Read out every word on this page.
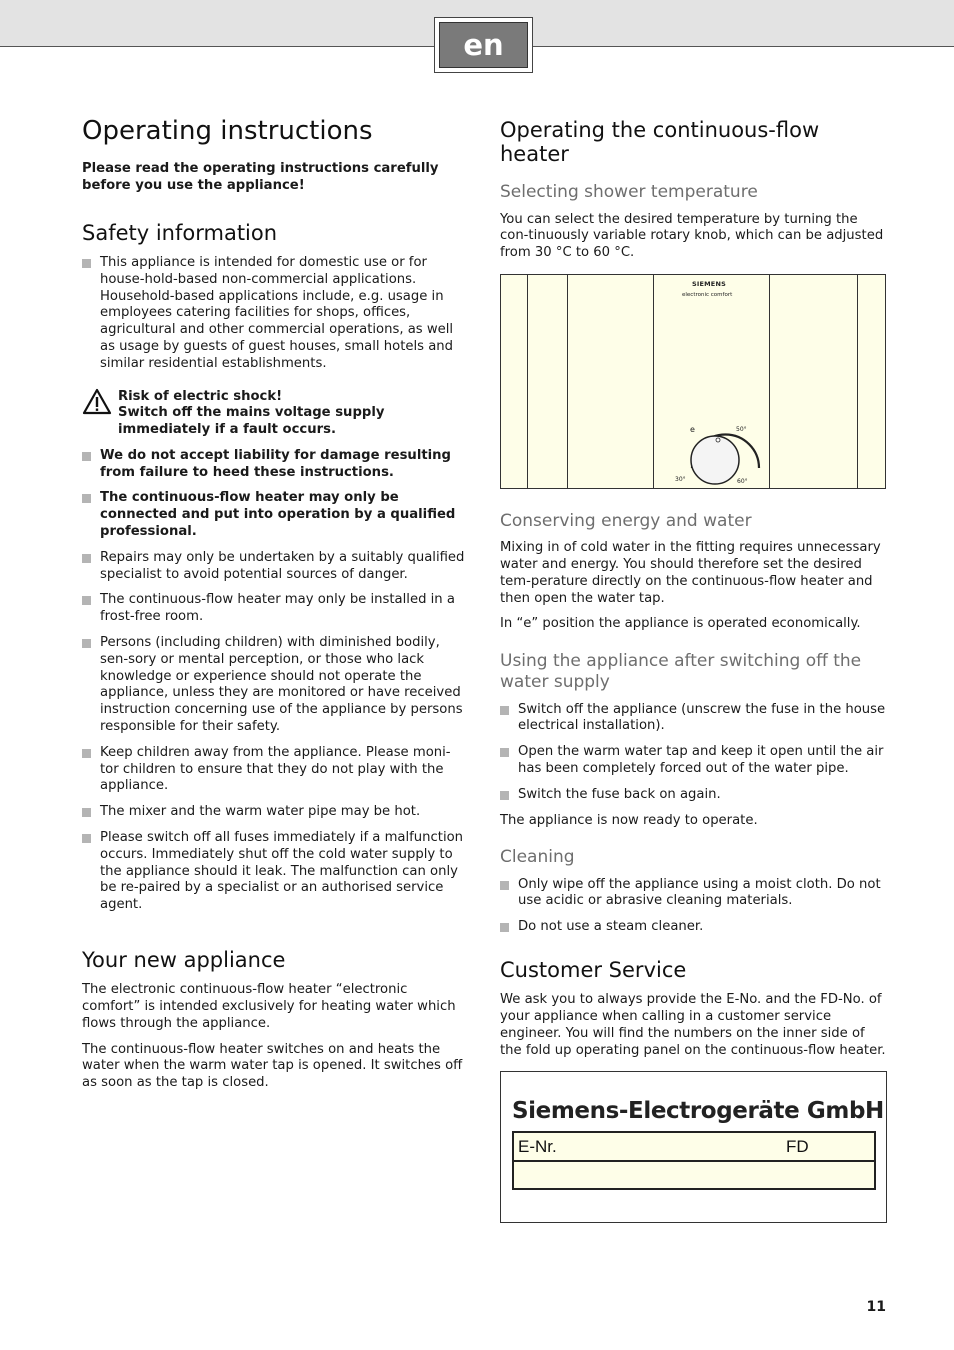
en
Operating instructions

Please read the operating instructions carefully before you use the appliance!

Safety information
This appliance is intended for domestic use or for house-hold-based non-commercial applications. Household-based applications include, e.g. usage in employees catering facilities for shops, offices, agricultural and other commercial operations, as well as usage by guests of guest houses, small hotels and similar residential establishments.
Risk of electric shock!
Switch off the mains voltage supply immediately if a fault occurs.
We do not accept liability for damage resulting from failure to heed these instructions.
The continuous-flow heater may only be connected and put into operation by a qualified professional.
Repairs may only be undertaken by a suitably qualified specialist to avoid potential sources of danger.
The continuous-flow heater may only be installed in a frost-free room.
Persons (including children) with diminished bodily, sen-sory or mental perception, or those who lack knowledge or experience should not operate the appliance, unless they are monitored or have received instruction concerning use of the appliance by persons responsible for their safety.
Keep children away from the appliance. Please moni-tor children to ensure that they do not play with the appliance.
The mixer and the warm water pipe may be hot.
Please switch off all fuses immediately if a malfunction occurs. Immediately shut off the cold water supply to the appliance should it leak. The malfunction can only be re-paired by a specialist or an authorised service agent.
Your new appliance

The electronic continuous-flow heater “electronic comfort” is intended exclusively for heating water which flows through the appliance.

The continuous-flow heater switches on and heats the water when the warm water tap is opened. It switches off as soon as the tap is closed.

Operating the continuous-flow heater
Selecting shower temperature

You can select the desired temperature by turning the con-tinuously variable rotary knob, which can be adjusted from 30 °C to 60 °C.

SIEMENS
electronic comfort
e	50°
30°	60°
Conserving energy and water

Mixing in of cold water in the fitting requires unnecessary water and energy. You should therefore set the desired tem-perature directly on the continuous-flow heater and then open the water tap.

In “e” position the appliance is operated economically.

Using the appliance after switching off the water supply
Switch off the appliance (unscrew the fuse in the house electrical installation).
Open the warm water tap and keep it open until the air has been completely forced out of the water pipe.
Switch the fuse back on again.

The appliance is now ready to operate.

Cleaning
Only wipe off the appliance using a moist cloth. Do not use acidic or abrasive cleaning materials.
Do not use a steam cleaner.
Customer Service

We ask you to always provide the E-No. and the FD-No. of your appliance when calling in a customer service engineer. You will find the numbers on the inner side of the fold up operating panel on the continuous-flow heater.

Siemens-Electrogeräte GmbH
E-Nr.	FD
11
